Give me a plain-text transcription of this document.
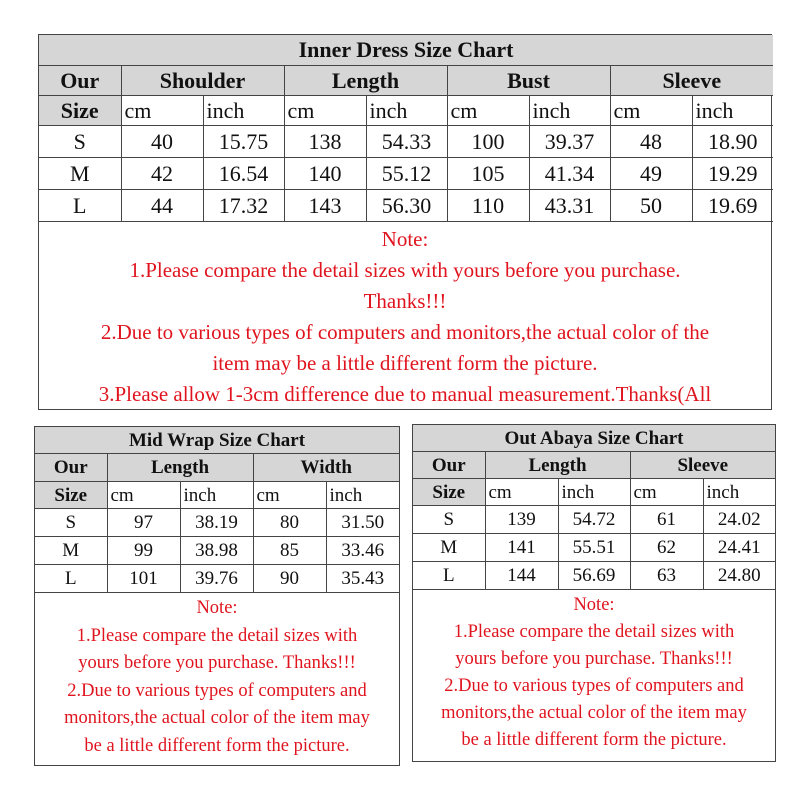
Inner Dress Size Chart								
Our	Shoulder		Length		Bust		Sleeve	
Size	cm	inch	cm	inch	cm	inch	cm	inch
S	40	15.75	138	54.33	100	39.37	48	18.90
M	42	16.54	140	55.12	105	41.34	49	19.29
L	44	17.32	143	56.30	110	43.31	50	19.69
Note:
1.Please compare the detail sizes with yours before you purchase.
Thanks!!!
2.Due to various types of computers and monitors,the actual color of the
item may be a little different form the picture.
3.Please allow 1-3cm difference due to manual measurement.Thanks(All
Mid Wrap Size Chart				
Our	Length		Width	
Size	cm	inch	cm	inch
S	97	38.19	80	31.50
M	99	38.98	85	33.46
L	101	39.76	90	35.43
Note:
1.Please compare the detail sizes with
yours before you purchase. Thanks!!!
2.Due to various types of computers and
monitors,the actual color of the item may
be a little different form the picture.
Out Abaya Size Chart				
Our	Length		Sleeve	
Size	cm	inch	cm	inch
S	139	54.72	61	24.02
M	141	55.51	62	24.41
L	144	56.69	63	24.80
Note:
1.Please compare the detail sizes with
yours before you purchase. Thanks!!!
2.Due to various types of computers and
monitors,the actual color of the item may
be a little different form the picture.
